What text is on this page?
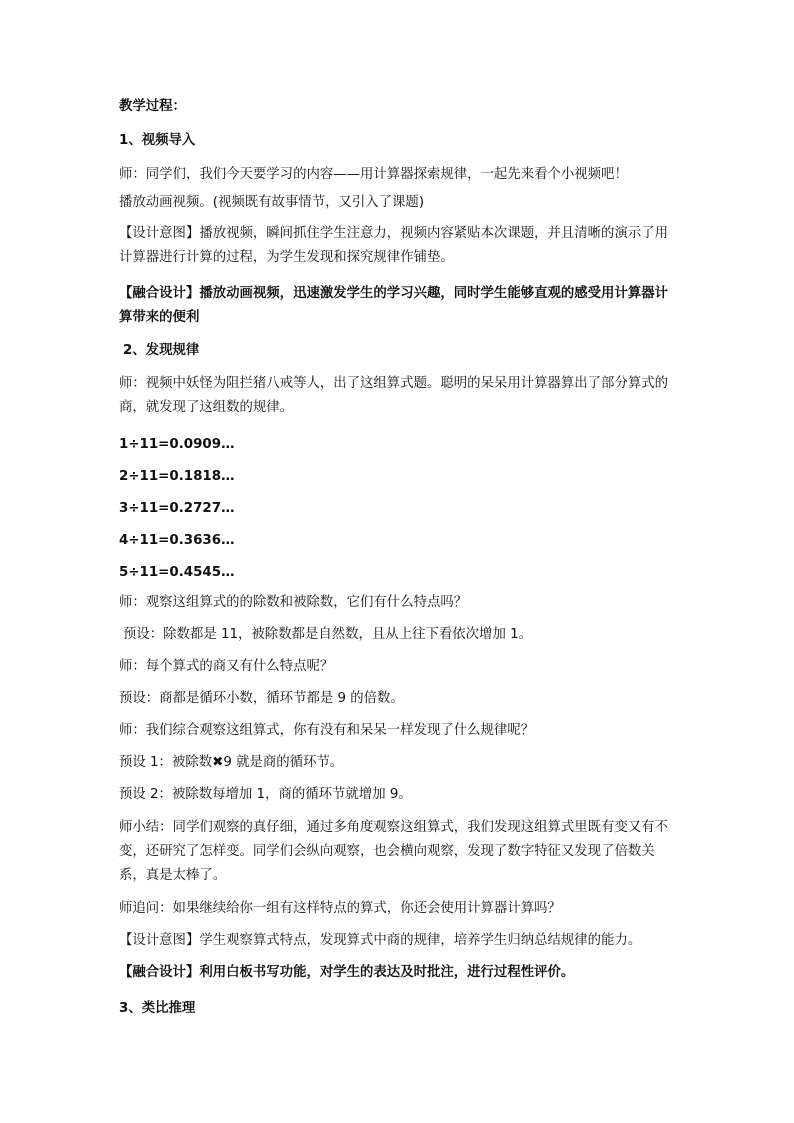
教学过程：

1、视频导入

师：同学们，我们今天要学习的内容——用计算器探索规律，一起先来看个小视频吧！

播放动画视频。(视频既有故事情节，又引入了课题)

【设计意图】播放视频，瞬间抓住学生注意力，视频内容紧贴本次课题，并且清晰的演示了用计算器进行计算的过程，为学生发现和探究规律作铺垫。

【融合设计】播放动画视频，迅速激发学生的学习兴趣，同时学生能够直观的感受用计算器计算带来的便利

2、发现规律

师：视频中妖怪为阻拦猪八戒等人，出了这组算式题。聪明的呆呆用计算器算出了部分算式的商，就发现了这组数的规律。

1÷11=0.0909…

2÷11=0.1818…

3÷11=0.2727…

4÷11=0.3636…

5÷11=0.4545…

师：观察这组算式的的除数和被除数，它们有什么特点吗？

预设：除数都是 11，被除数都是自然数，且从上往下看依次增加 1。

师：每个算式的商又有什么特点呢？

预设：商都是循环小数，循环节都是 9 的倍数。

师：我们综合观察这组算式，你有没有和呆呆一样发现了什么规律呢？

预设 1：被除数✖9 就是商的循环节。

预设 2：被除数每增加 1，商的循环节就增加 9。

师小结：同学们观察的真仔细，通过多角度观察这组算式，我们发现这组算式里既有变又有不变，还研究了怎样变。同学们会纵向观察，也会横向观察，发现了数字特征又发现了倍数关系，真是太棒了。

师追问：如果继续给你一组有这样特点的算式，你还会使用计算器计算吗？

【设计意图】学生观察算式特点，发现算式中商的规律，培养学生归纳总结规律的能力。

【融合设计】利用白板书写功能，对学生的表达及时批注，进行过程性评价。

3、类比推理
